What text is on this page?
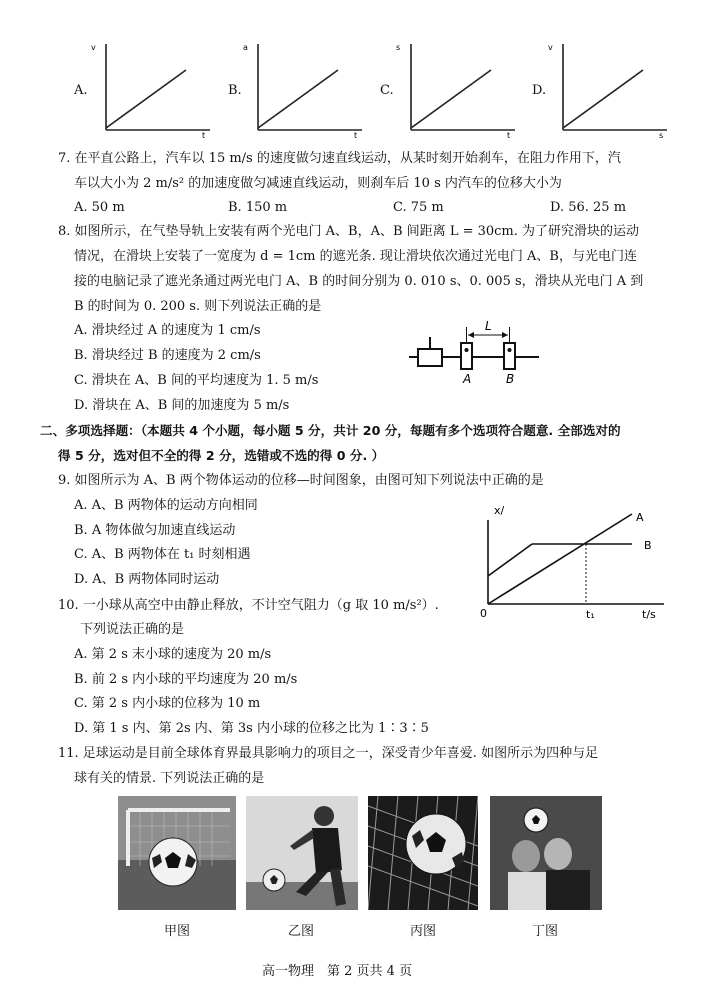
A.
v
t
B.
a
t
C.
s
t
D.
v
s
7. 在平直公路上，汽车以 15 m/s 的速度做匀速直线运动，从某时刻开始刹车，在阻力作用下，汽
车以大小为 2 m/s² 的加速度做匀减速直线运动，则刹车后 10 s 内汽车的位移大小为
A. 50 m	B. 150 m	C. 75 m	D. 56. 25 m
8. 如图所示，在气垫导轨上安装有两个光电门 A、B，A、B 间距离 L = 30cm. 为了研究滑块的运动
情况，在滑块上安装了一宽度为 d = 1cm 的遮光条. 现让滑块依次通过光电门 A、B，与光电门连
接的电脑记录了遮光条通过两光电门 A、B 的时间分别为 0. 010 s、0. 005 s，滑块从光电门 A 到
B 的时间为 0. 200 s. 则下列说法正确的是
A. 滑块经过 A 的速度为 1 cm/s
B. 滑块经过 B 的速度为 2 cm/s
C. 滑块在 A、B 间的平均速度为 1. 5 m/s
D. 滑块在 A、B 间的加速度为 5 m/s
L
A	B
二、多项选择题：（本题共 4 个小题，每小题 5 分，共计 20 分，每题有多个选项符合题意. 全部选对的
得 5 分，选对但不全的得 2 分，选错或不选的得 0 分. ）
9. 如图所示为 A、B 两个物体运动的位移—时间图象，由图可知下列说法中正确的是
A. A、B 两物体的运动方向相同
B. A 物体做匀加速直线运动
C. A、B 两物体在 t₁ 时刻相遇
D. A、B 两物体同时运动
x/
t/s
0	t₁
A
B
10. 一小球从高空中由静止释放，不计空气阻力（g 取 10 m/s²）.
下列说法正确的是
A. 第 2 s 末小球的速度为 20 m/s
B. 前 2 s 内小球的平均速度为 20 m/s
C. 第 2 s 内小球的位移为 10 m
D. 第 1 s 内、第 2s 内、第 3s 内小球的位移之比为 1∶3∶5
11. 足球运动是目前全球体育界最具影响力的项目之一，深受青少年喜爱. 如图所示为四种与足
球有关的情景. 下列说法正确的是
甲图	乙图	丙图	丁图
高一物理　第 2 页共 4 页
